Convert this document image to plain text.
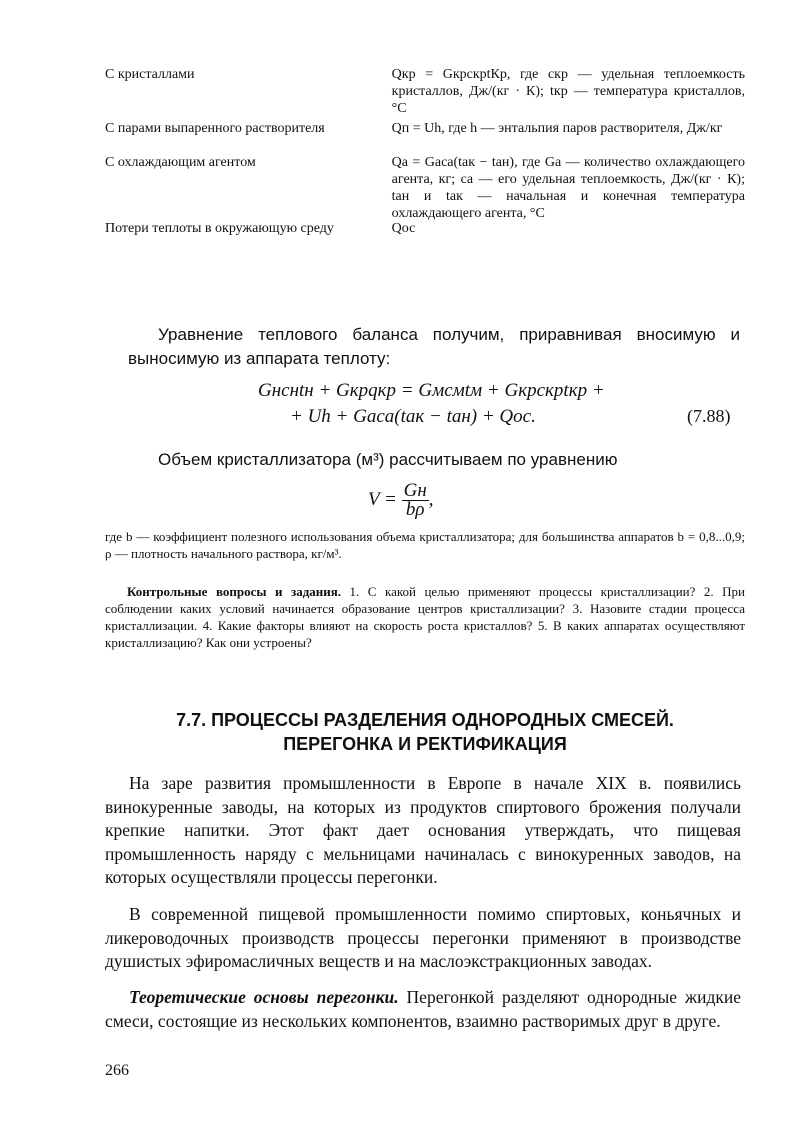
С кристаллами	Qкр = GкрcкрtКр, где cкр — удельная теплоемкость кристаллов, Дж/(кг · К); tкр — температура кристаллов, °С
С парами выпаренного растворителя	Qп = Uh, где h — энтальпия паров растворителя, Дж/кг
С охлаждающим агентом	Qа = Gаcа(tак − tан), где Gа — количество охлаждающего агента, кг; cа — его удельная теплоемкость, Дж/(кг · К); tан и tак — начальная и конечная температура охлаждающего агента, °С
Потери теплоты в окружающую среду	Qос
Уравнение теплового баланса получим, приравнивая вносимую и выносимую из аппарата теплоту:
Gнcнtн + Gкрqкр = Gмcмtм + Gкрcкрtкр +
+ Uh + Gаcа(tак − tан) + Qос.	(7.88)
Объем кристаллизатора (м³) рассчитываем по уравнению
$V = \frac{Gн}{b\rho}$ ,
где b — коэффициент полезного использования объема кристаллизатора; для большинства аппаратов b = 0,8...0,9; ρ — плотность начального раствора, кг/м³.
Контрольные вопросы и задания. 1. С какой целью применяют процессы кристаллизации? 2. При соблюдении каких условий начинается образование центров кристаллизации? 3. Назовите стадии процесса кристаллизации. 4. Какие факторы влияют на скорость роста кристаллов? 5. В каких аппаратах осуществляют кристаллизацию? Как они устроены?
7.7. ПРОЦЕССЫ РАЗДЕЛЕНИЯ ОДНОРОДНЫХ СМЕСЕЙ.
ПЕРЕГОНКА И РЕКТИФИКАЦИЯ
На заре развития промышленности в Европе в начале XIX в. появились винокуренные заводы, на которых из продуктов спиртового брожения получали крепкие напитки. Этот факт дает основания утверждать, что пищевая промышленность наряду с мельницами начиналась с винокуренных заводов, на которых осуществляли процессы перегонки.
В современной пищевой промышленности помимо спиртовых, коньячных и ликероводочных производств процессы перегонки применяют в производстве душистых эфиромасличных веществ и на маслоэкстракционных заводах.
Теоретические основы перегонки. Перегонкой разделяют однородные жидкие смеси, состоящие из нескольких компонентов, взаимно растворимых друг в друге.
266
